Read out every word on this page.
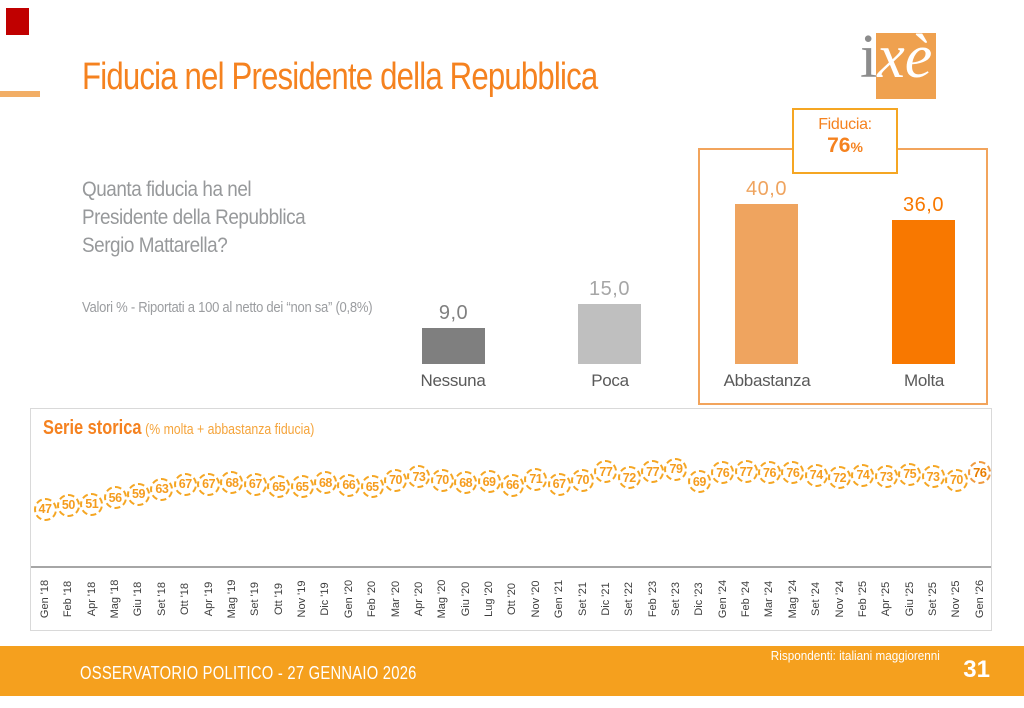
Fiducia nel Presidente della Repubblica	ixè
Quanta fiducia ha nel
Presidente della Repubblica
Sergio Mattarella?
Valori % - Riportati a 100 al netto dei “non sa” (0,8%)
Fiducia:
76%
9,0
15,0
40,0
36,0
Nessuna	Poca	Abbastanza	Molta
Serie storica (% molta + abbastanza fiducia)
47 50 51 56 59 63 67 67 68 67 65 65 68 66 65 70 73 70 68 69 66 71 67 70
77 72 77 79
69
76 77 76 76 74 72 74 73 75 73 70 76
Gen '18 Feb '18 Apr '18 Mag '18 Giu '18 Set '18 Ott '18 Apr '19 Mag '19 Set '19 Ott '19 Nov '19 Dic '19 Gen '20 Feb '20 Mar '20 Apr '20 Mag '20 Giu '20 Lug '20 Ott '20 Nov '20 Gen '21 Set '21 Dic '21 Set '22 Feb '23 Set '23 Dic '23 Gen '24 Feb '24 Mar '24 Mag '24 Set '24 Nov '24 Feb '25 Apr '25 Giu '25 Set '25 Nov '25 Gen '26
OSSERVATORIO POLITICO - 27 GENNAIO 2026
Rispondenti: italiani maggiorenni
31
